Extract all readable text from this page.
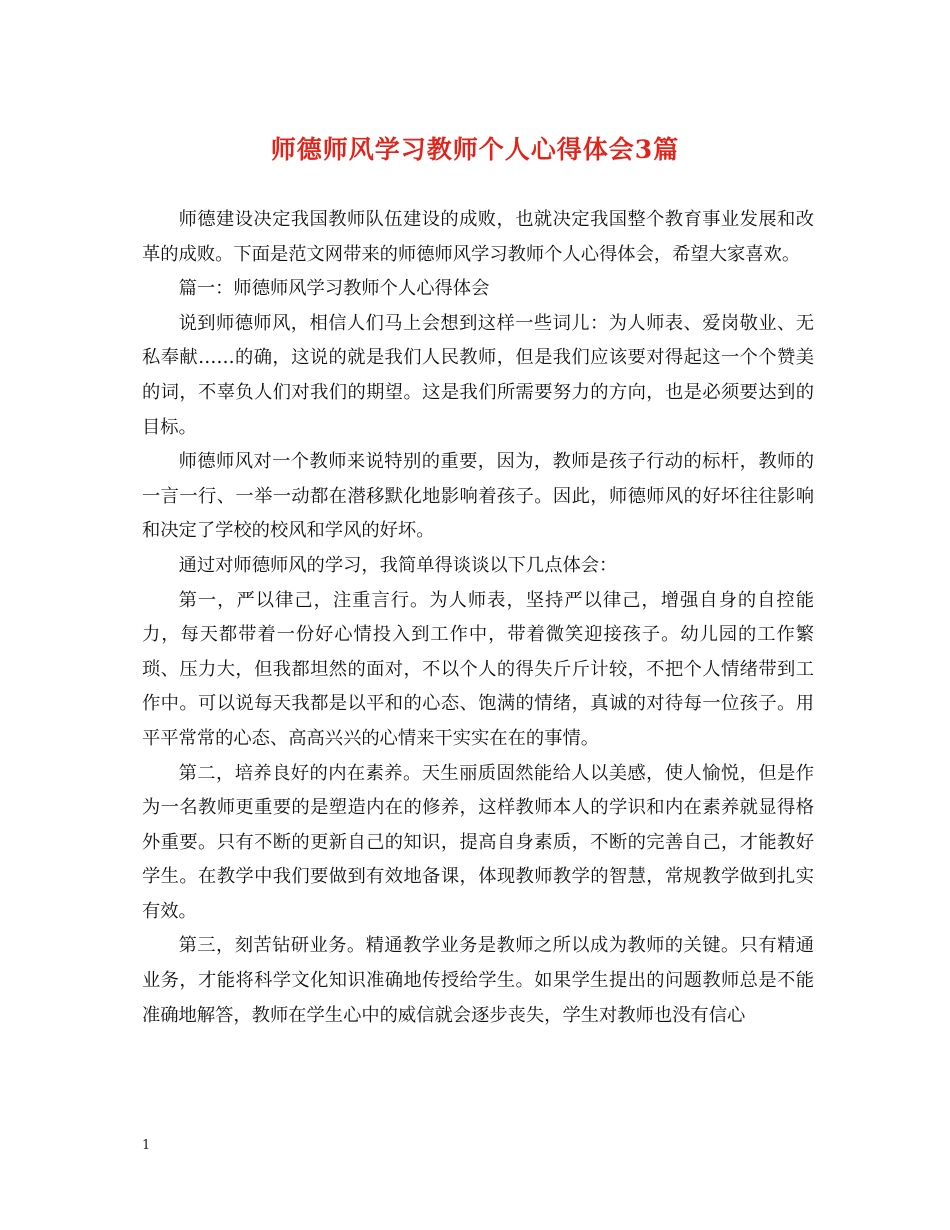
师德师风学习教师个人心得体会3篇

师德建设决定我国教师队伍建设的成败，也就决定我国整个教育事业发展和改革的成败。下面是范文网带来的师德师风学习教师个人心得体会，希望大家喜欢。

篇一：师德师风学习教师个人心得体会

说到师德师风，相信人们马上会想到这样一些词儿：为人师表、爱岗敬业、无私奉献……的确，这说的就是我们人民教师，但是我们应该要对得起这一个个赞美的词，不辜负人们对我们的期望。这是我们所需要努力的方向，也是必须要达到的目标。

师德师风对一个教师来说特别的重要，因为，教师是孩子行动的标杆，教师的一言一行、一举一动都在潜移默化地影响着孩子。因此，师德师风的好坏往往影响和决定了学校的校风和学风的好坏。

通过对师德师风的学习，我简单得谈谈以下几点体会：

第一，严以律己，注重言行。为人师表，坚持严以律己，增强自身的自控能力，每天都带着一份好心情投入到工作中，带着微笑迎接孩子。幼儿园的工作繁琐、压力大，但我都坦然的面对，不以个人的得失斤斤计较，不把个人情绪带到工作中。可以说每天我都是以平和的心态、饱满的情绪，真诚的对待每一位孩子。用平平常常的心态、高高兴兴的心情来干实实在在的事情。

第二，培养良好的内在素养。天生丽质固然能给人以美感，使人愉悦，但是作为一名教师更重要的是塑造内在的修养，这样教师本人的学识和内在素养就显得格外重要。只有不断的更新自己的知识，提高自身素质，不断的完善自己，才能教好学生。在教学中我们要做到有效地备课，体现教师教学的智慧，常规教学做到扎实有效。

第三，刻苦钻研业务。精通教学业务是教师之所以成为教师的关键。只有精通业务，才能将科学文化知识准确地传授给学生。如果学生提出的问题教师总是不能准确地解答，教师在学生心中的威信就会逐步丧失，学生对教师也没有信心

1
